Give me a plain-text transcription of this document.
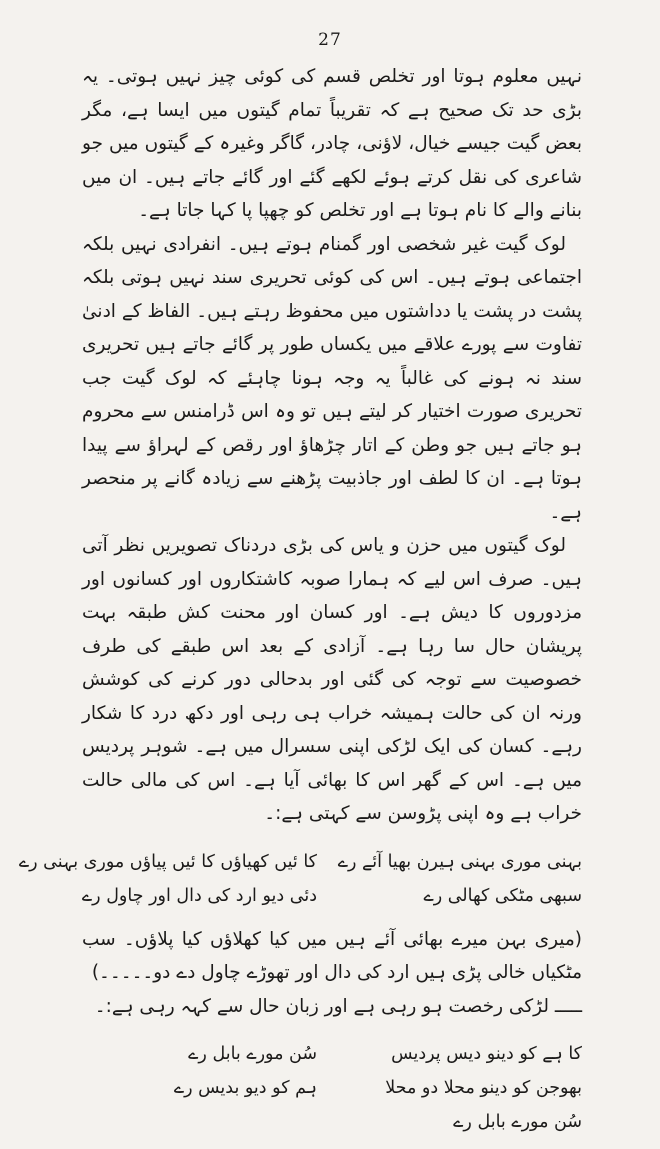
27

نہیں معلوم ہوتا اور تخلص قسم کی کوئی چیز نہیں ہوتی۔ یہ بڑی حد تک صحیح ہے کہ تقریباً تمام گیتوں میں ایسا ہے، مگر بعض گیت جیسے خیال، لاؤنی، چادر، گاگر وغیرہ کے گیتوں میں جو شاعری کی نقل کرتے ہوئے لکھے گئے اور گائے جاتے ہیں۔ ان میں بنانے والے کا نام ہوتا ہے اور تخلص کو چھپا پا کہا جاتا ہے۔

لوک گیت غیر شخصی اور گمنام ہوتے ہیں۔ انفرادی نہیں بلکہ اجتماعی ہوتے ہیں۔ اس کی کوئی تحریری سند نہیں ہوتی بلکہ پشت در پشت یا دداشتوں میں محفوظ رہتے ہیں۔ الفاظ کے ادنیٰ تفاوت سے پورے علاقے میں یکساں طور پر گائے جاتے ہیں تحریری سند نہ ہونے کی غالباً یہ وجہ ہونا چاہئے کہ لوک گیت جب تحریری صورت اختیار کر لیتے ہیں تو وہ اس ڈرامنس سے محروم ہو جاتے ہیں جو وطن کے اتار چڑھاؤ اور رقص کے لہراؤ سے پیدا ہوتا ہے۔ ان کا لطف اور جاذبیت پڑھنے سے زیادہ گانے پر منحصر ہے۔

لوک گیتوں میں حزن و یاس کی بڑی دردناک تصویریں نظر آتی ہیں۔ صرف اس لیے کہ ہمارا صوبہ کاشتکاروں اور کسانوں اور مزدوروں کا دیش ہے۔ اور کسان اور محنت کش طبقہ بہت پریشان حال سا رہا ہے۔ آزادی کے بعد اس طبقے کی طرف خصوصیت سے توجہ کی گئی اور بدحالی دور کرنے کی کوشش ورنہ ان کی حالت ہمیشہ خراب ہی رہی اور دکھ درد کا شکار رہے۔ کسان کی ایک لڑکی اپنی سسرال میں ہے۔ شوہر پردیس میں ہے۔ اس کے گھر اس کا بھائی آیا ہے۔ اس کی مالی حالت خراب ہے وہ اپنی پڑوسن سے کہتی ہے:۔

بہنی موری بہنی ہیرن بھیا آئے رے
کا ئیں کھیاؤں کا ئیں پیاؤں موری بہنی رے
سبھی مٹکی کھالی رے
دئی دیو ارد کی دال اور چاول رے

(میری بہن میرے بھائی آئے ہیں میں کیا کھلاؤں کیا پلاؤں۔ سب مٹکیاں خالی پڑی ہیں ارد کی دال اور تھوڑے چاول دے دو۔۔۔۔۔)

ـــــ لڑکی رخصت ہو رہی ہے اور زبان حال سے کہہ رہی ہے:۔

کا ہے کو دینو دیس پردیس
سُن مورے بابل رے
بھوجن کو دینو محلا دو محلا
ہم کو دیو بدیس رے
سُن مورے بابل رے
